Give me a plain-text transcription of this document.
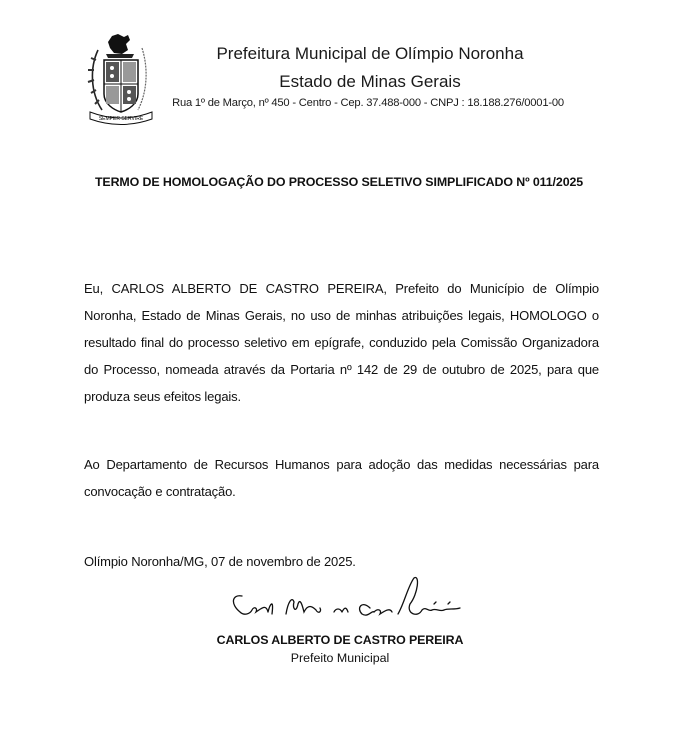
SEMPER SERVIRE
Prefeitura Municipal de Olímpio Noronha
Estado de Minas Gerais
Rua 1º de Março, nº 450 - Centro - Cep. 37.488-000 - CNPJ : 18.188.276/0001-00
TERMO DE HOMOLOGAÇÃO DO PROCESSO SELETIVO SIMPLIFICADO Nº 011/2025

Eu, CARLOS ALBERTO DE CASTRO PEREIRA, Prefeito do Município de Olímpio Noronha, Estado de Minas Gerais, no uso de minhas atribuições legais, HOMOLOGO o resultado final do processo seletivo em epígrafe, conduzido pela Comissão Organizadora do Processo, nomeada através da Portaria nº 142 de 29 de outubro de 2025, para que produza seus efeitos legais.

Ao Departamento de Recursos Humanos para adoção das medidas necessárias para convocação e contratação.

Olímpio Noronha/MG, 07 de novembro de 2025.

CARLOS ALBERTO DE CASTRO PEREIRA
Prefeito Municipal
